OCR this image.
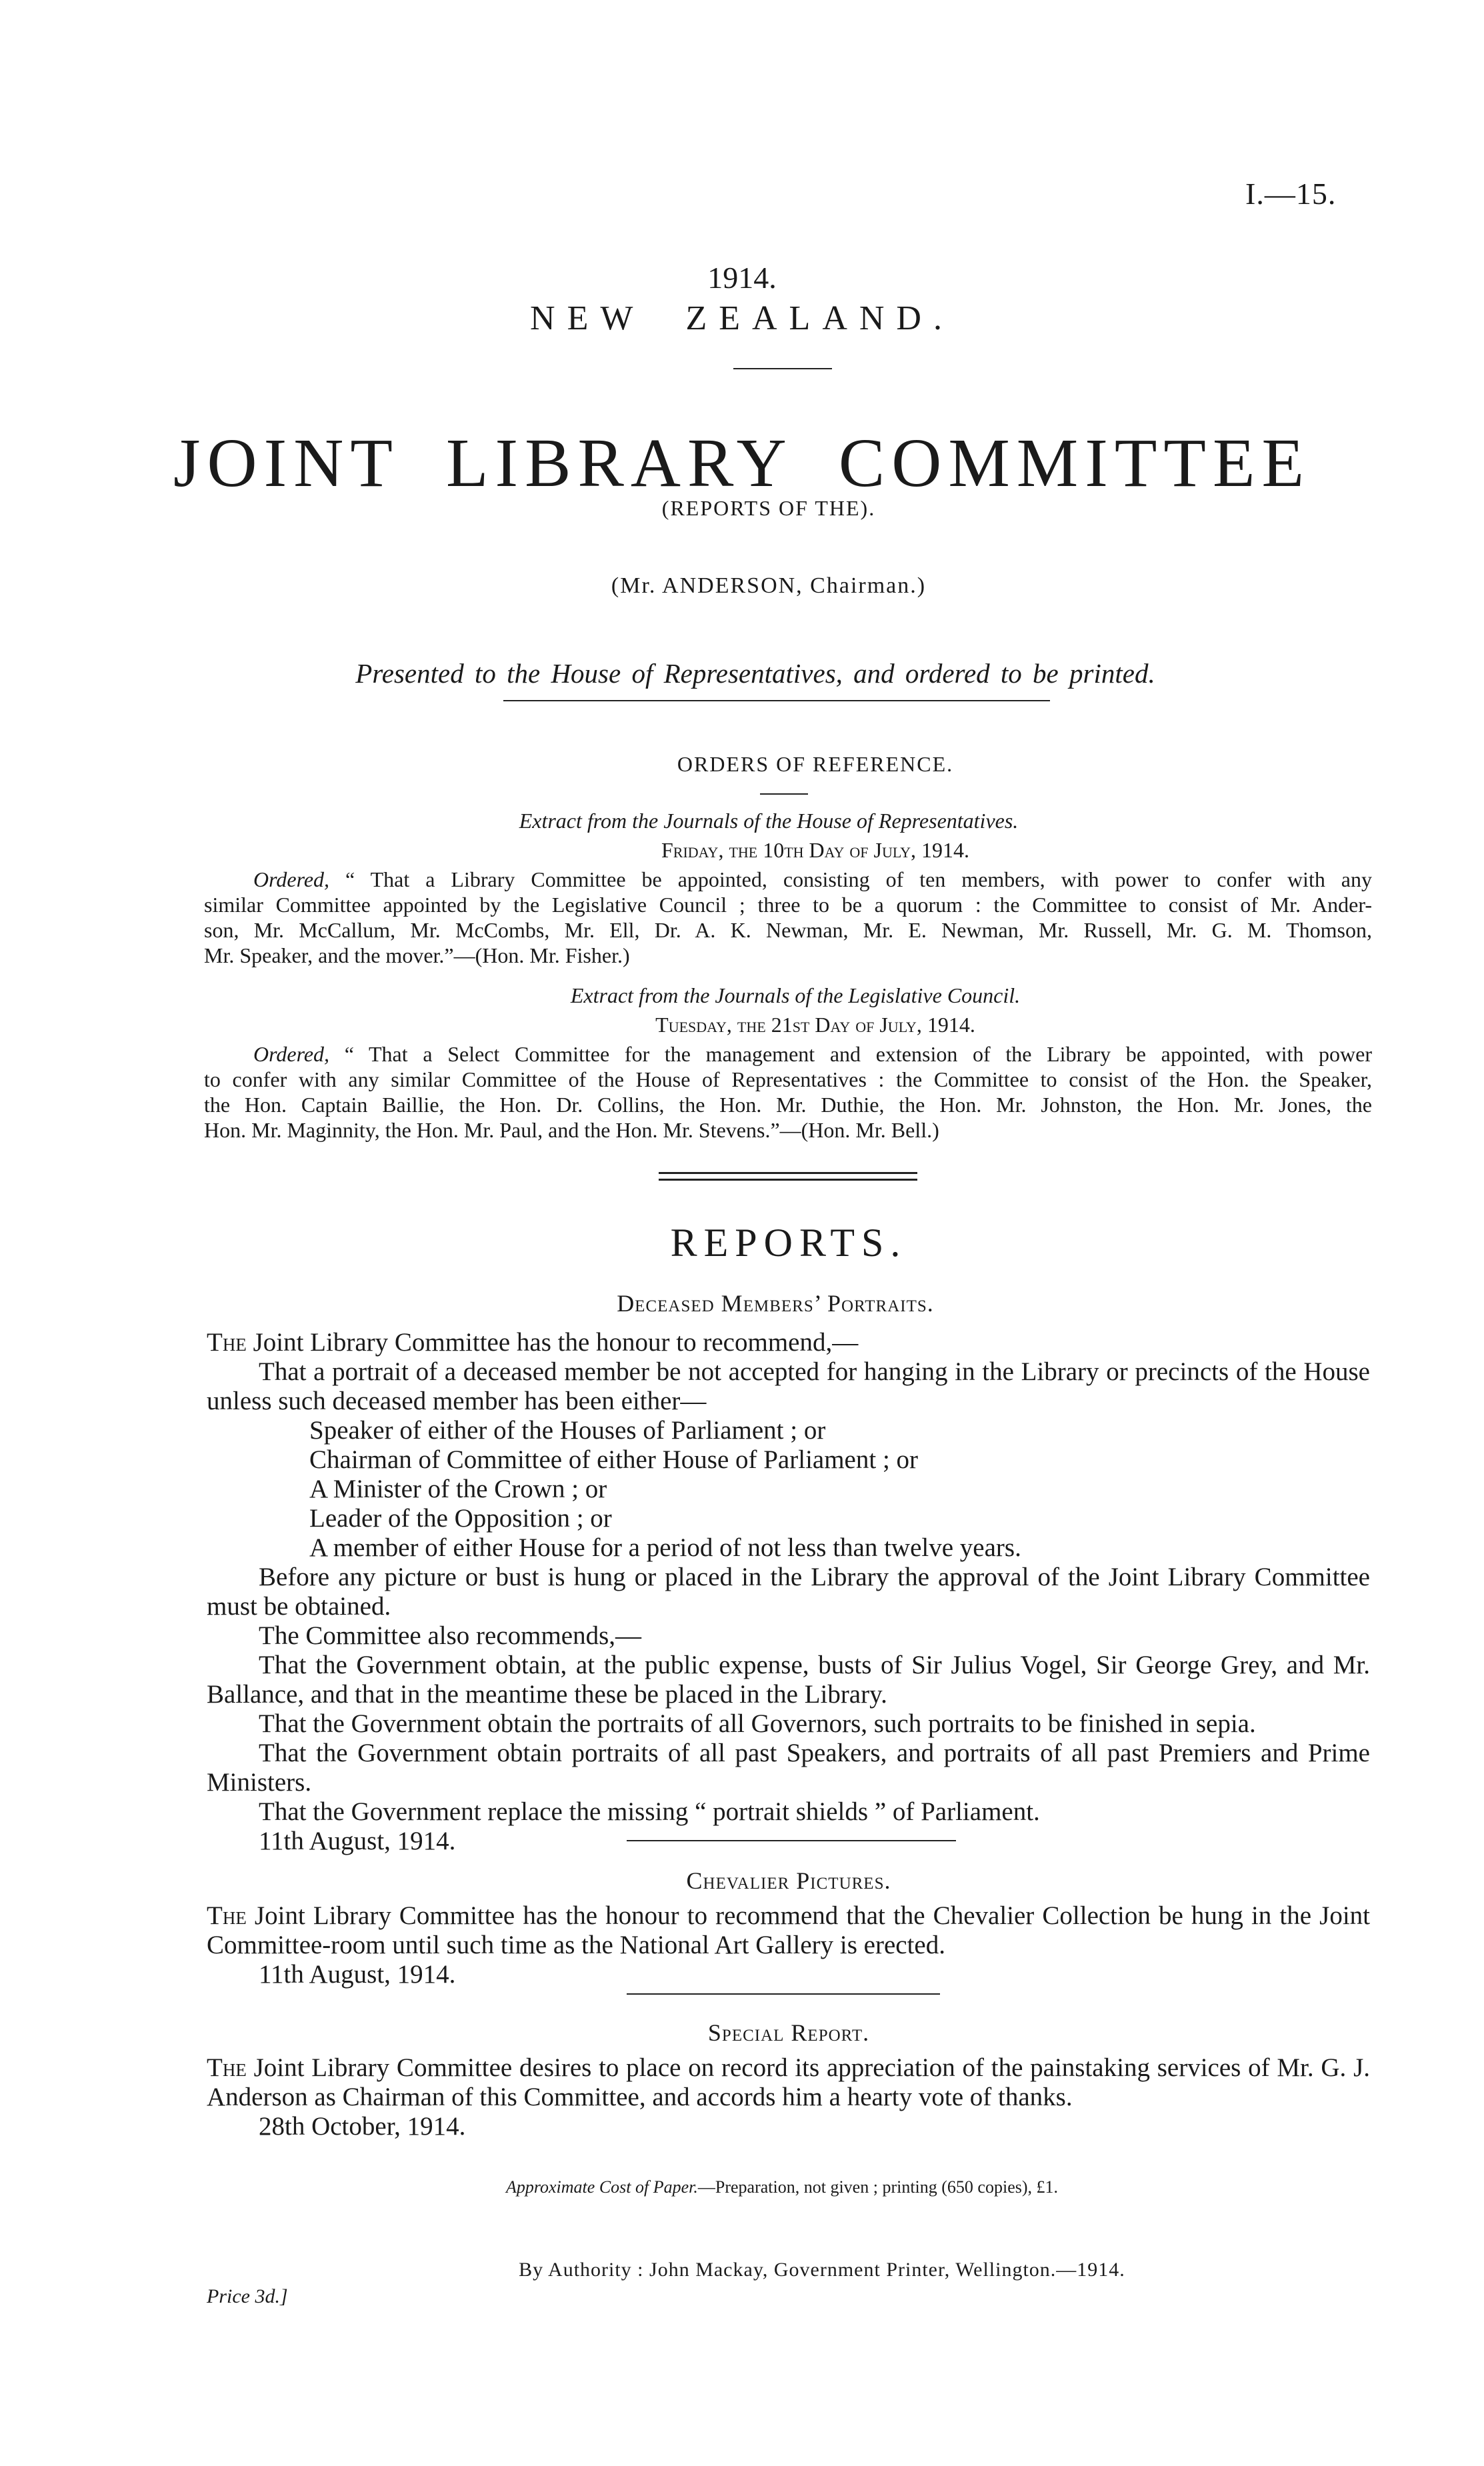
I.—15.
1914.
NEW  ZEALAND.
JOINT  LIBRARY  COMMITTEE
(REPORTS OF THE).
(Mr. ANDERSON, Chairman.)
Presented to the House of Representatives, and ordered to be printed.
ORDERS OF REFERENCE.
Extract from the Journals of the House of Representatives.
Friday, the 10th Day of July, 1914.
Ordered, “ That a Library Committee be appointed, consisting of ten members, with power to confer with any
similar Committee appointed by the Legislative Council ; three to be a quorum : the Committee to consist of Mr. Ander-
son, Mr. McCallum, Mr. McCombs, Mr. Ell, Dr. A. K. Newman, Mr. E. Newman, Mr. Russell, Mr. G. M. Thomson,
Mr. Speaker, and the mover.”—(Hon. Mr. Fisher.)
Extract from the Journals of the Legislative Council.
Tuesday, the 21st Day of July, 1914.
Ordered, “ That a Select Committee for the management and extension of the Library be appointed, with power
to confer with any similar Committee of the House of Representatives : the Committee to consist of the Hon. the Speaker,
the Hon. Captain Baillie, the Hon. Dr. Collins, the Hon. Mr. Duthie, the Hon. Mr. Johnston, the Hon. Mr. Jones, the
Hon. Mr. Maginnity, the Hon. Mr. Paul, and the Hon. Mr. Stevens.”—(Hon. Mr. Bell.)
REPORTS.
Deceased Members’ Portraits.
The Joint Library Committee has the honour to recommend,—
That a portrait of a deceased member be not accepted for hanging in the Library or precincts of the House unless such deceased member has been either—
Speaker of either of the Houses of Parliament ; or
Chairman of Committee of either House of Parliament ; or
A Minister of the Crown ; or
Leader of the Opposition ; or
A member of either House for a period of not less than twelve years.
Before any picture or bust is hung or placed in the Library the approval of the Joint Library Committee must be obtained.
The Committee also recommends,—
That the Government obtain, at the public expense, busts of Sir Julius Vogel, Sir George Grey, and Mr. Ballance, and that in the meantime these be placed in the Library.
That the Government obtain the portraits of all Governors, such portraits to be finished in sepia.
That the Government obtain portraits of all past Speakers, and portraits of all past Premiers and Prime Ministers.
That the Government replace the missing “ portrait shields ” of Parliament.
11th August, 1914.
Chevalier Pictures.
The Joint Library Committee has the honour to recommend that the Chevalier Collection be hung in the Joint Committee-room until such time as the National Art Gallery is erected.
11th August, 1914.
Special Report.
The Joint Library Committee desires to place on record its appreciation of the painstaking services of Mr. G. J. Anderson as Chairman of this Committee, and accords him a hearty vote of thanks.
28th October, 1914.
Approximate Cost of Paper.—Preparation, not given ; printing (650 copies), £1.
By Authority : John Mackay, Government Printer, Wellington.—1914.
Price 3d.]
